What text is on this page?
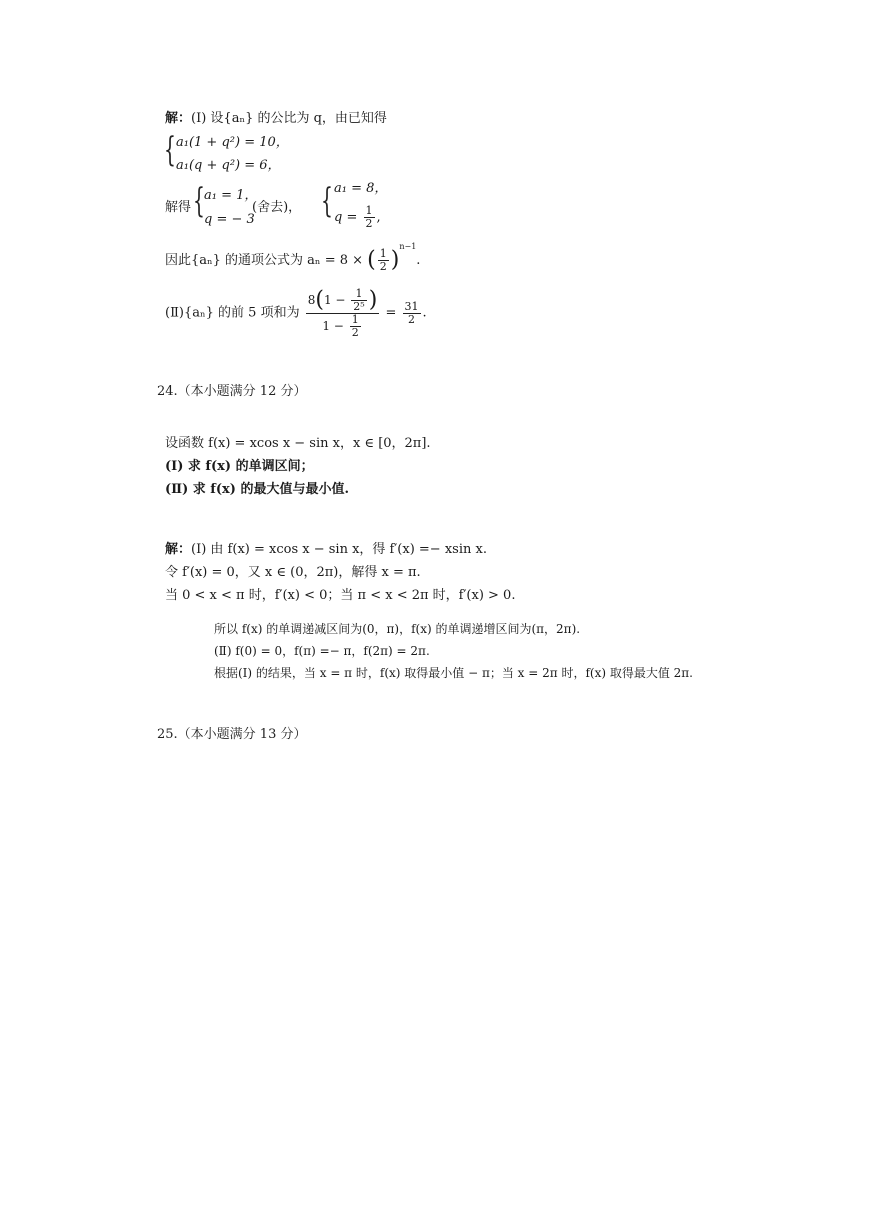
解：(Ⅰ) 设{aₙ} 的公比为 q，由已知得
{ a₁(1 + q²) = 10，
a₁(q + q²) = 6，
解得 { a₁ = 1，
q = − 3
(舍去)， { a₁ = 8，
$q = \frac{1}{2}$ ,
因此{aₙ} 的通项公式为 aₙ = 8 × ( $\frac{1}{2} )^{n-1}$.
(Ⅱ){aₙ} 的前 5 项和为 $\frac{8(1 - \frac{1}{\text{2⁵}} )}{1 - \frac{1}{2}} = \frac{31}{2}$ .
24.（本小题满分 12 分）
设函数 f(x) = xcos x − sin x，x ∈ [0，2π].
(Ⅰ) 求 f(x) 的单调区间；
(Ⅱ) 求 f(x) 的最大值与最小值.
解：(Ⅰ) 由 f(x) = xcos x − sin x，得 f′(x) =− xsin x.
令 f′(x) = 0，又 x ∈ (0，2π)，解得 x = π.
当 0 < x < π 时，f′(x) < 0；当 π < x < 2π 时，f′(x) > 0.
所以 f(x) 的单调递减区间为(0，π)，f(x) 的单调递增区间为(π，2π).
(Ⅱ) f(0) = 0，f(π) =− π，f(2π) = 2π.
根据(Ⅰ) 的结果，当 x = π 时，f(x) 取得最小值 − π；当 x = 2π 时，f(x) 取得最大值 2π.
25.（本小题满分 13 分）
